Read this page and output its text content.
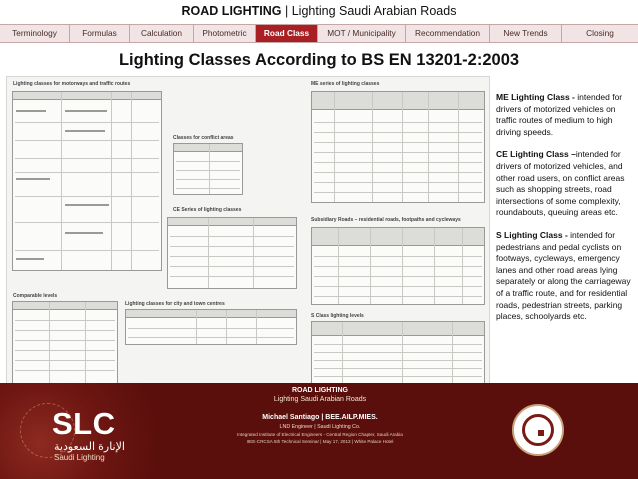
ROAD LIGHTING | Lighting Saudi Arabian Roads
Terminology	Formulas	Calculation	Photometric	Road Class	MOT / Municipality	Recommendation	New Trends	Closing
Lighting Classes According to BS EN 13201-2:2003
Lighting classes for motorways and traffic routes
Classes for conflict areas
CE Series of lighting classes
Comparable levels
Lighting classes for city and town centres
ME series of lighting classes
Subsidiary Roads – residential roads, footpaths and cycleways
S Class lighting levels

ME Lighting Class - intended for drivers of motorized vehicles on traffic routes of medium to high driving speeds.

CE Lighting Class –intended for drivers of motorized vehicles, and other road users, on conflict areas such as shopping streets, road intersections of some complexity, roundabouts, queuing areas etc.

S Lighting Class - intended for pedestrians and pedal cyclists on footways, cycleways, emergency lanes and other road areas lying separately or along the carriageway of a traffic route, and for residential roads, pedestrian streets, parking places, schoolyards etc.

SLC
الإنارة السعودية
Saudi Lighting
ROAD LIGHTING
Lighting Saudi Arabian Roads
Michael Santiago | BEE.AILP.MIES.
LND Engineer | Saudi Lighting Co.
Integrated Institute of Electrical Engineers - Central Region Chapter, Saudi Arabia
IIEE-CRCSA 5th Technical Seminar | May 17, 2013 | White Palace Hotel
